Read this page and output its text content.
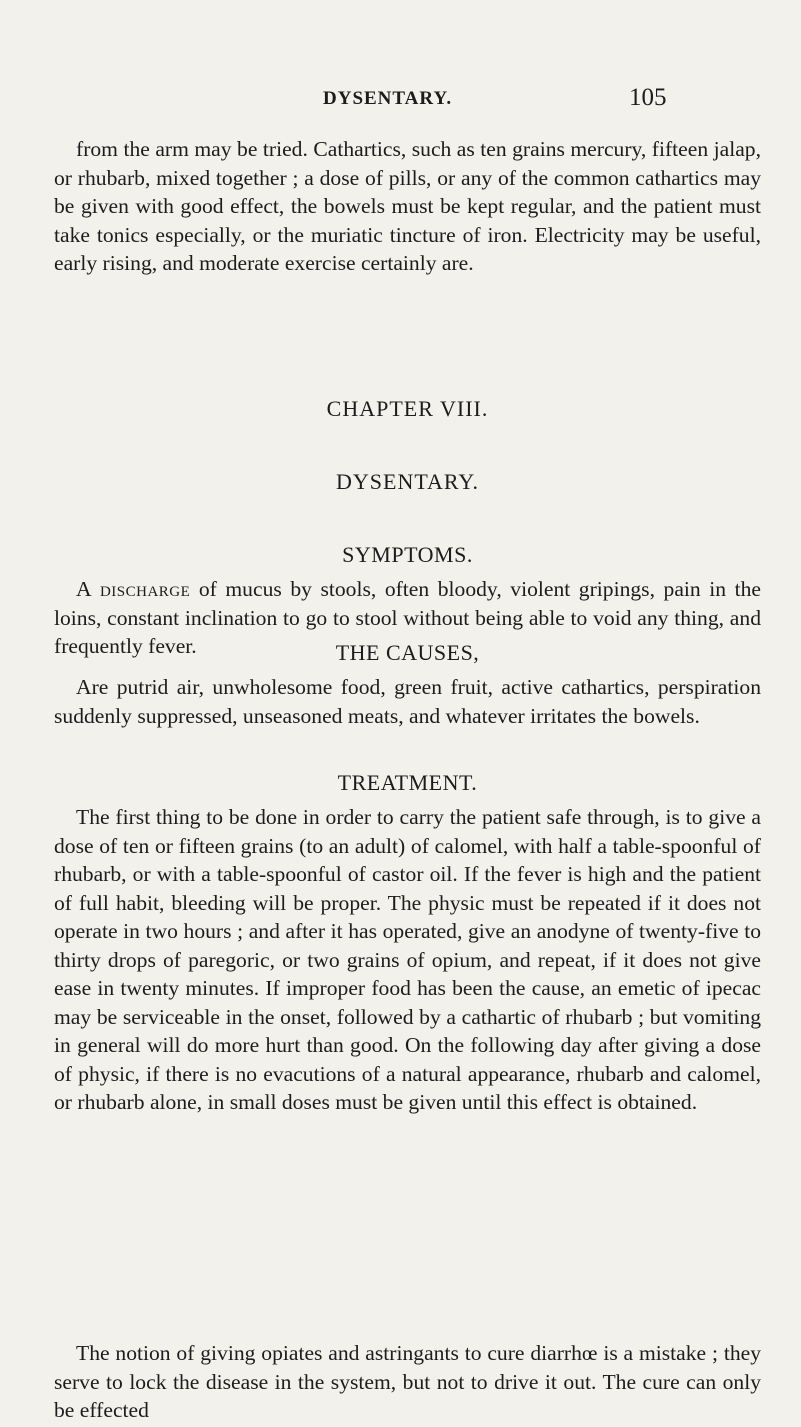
DYSENTARY.	105

from the arm may be tried. Cathartics, such as ten grains mercury, fifteen jalap, or rhubarb, mixed together ; a dose of pills, or any of the common cathartics may be given with good effect, the bowels must be kept regular, and the patient must take tonics especially, or the muriatic tincture of iron. Electricity may be useful, early rising, and moderate exercise certainly are.

CHAPTER VIII.
DYSENTARY.
SYMPTOMS.

A discharge of mucus by stools, often bloody, violent gripings, pain in the loins, constant inclination to go to stool without being able to void any thing, and frequently fever.	THE CAUSES,

Are putrid air, unwholesome food, green fruit, active cathartics, perspiration suddenly suppressed, unseasoned meats, and whatever irritates the bowels.

TREATMENT.

The first thing to be done in order to carry the patient safe through, is to give a dose of ten or fifteen grains (to an adult) of calomel, with half a table-spoonful of rhubarb, or with a table-spoonful of castor oil. If the fever is high and the patient of full habit, bleeding will be proper. The physic must be repeated if it does not operate in two hours ; and after it has operated, give an anodyne of twenty-five to thirty drops of paregoric, or two grains of opium, and repeat, if it does not give ease in twenty minutes. If improper food has been the cause, an emetic of ipecac may be serviceable in the onset, followed by a cathartic of rhubarb ; but vomiting in general will do more hurt than good. On the following day after giving a dose of physic, if there is no evacutions of a natural appearance, rhubarb and calomel, or rhubarb alone, in small doses must be given until this effect is obtained.

The notion of giving opiates and astringants to cure diarrhœ is a mistake ; they serve to lock the disease in the system, but not to drive it out. The cure can only be effected
